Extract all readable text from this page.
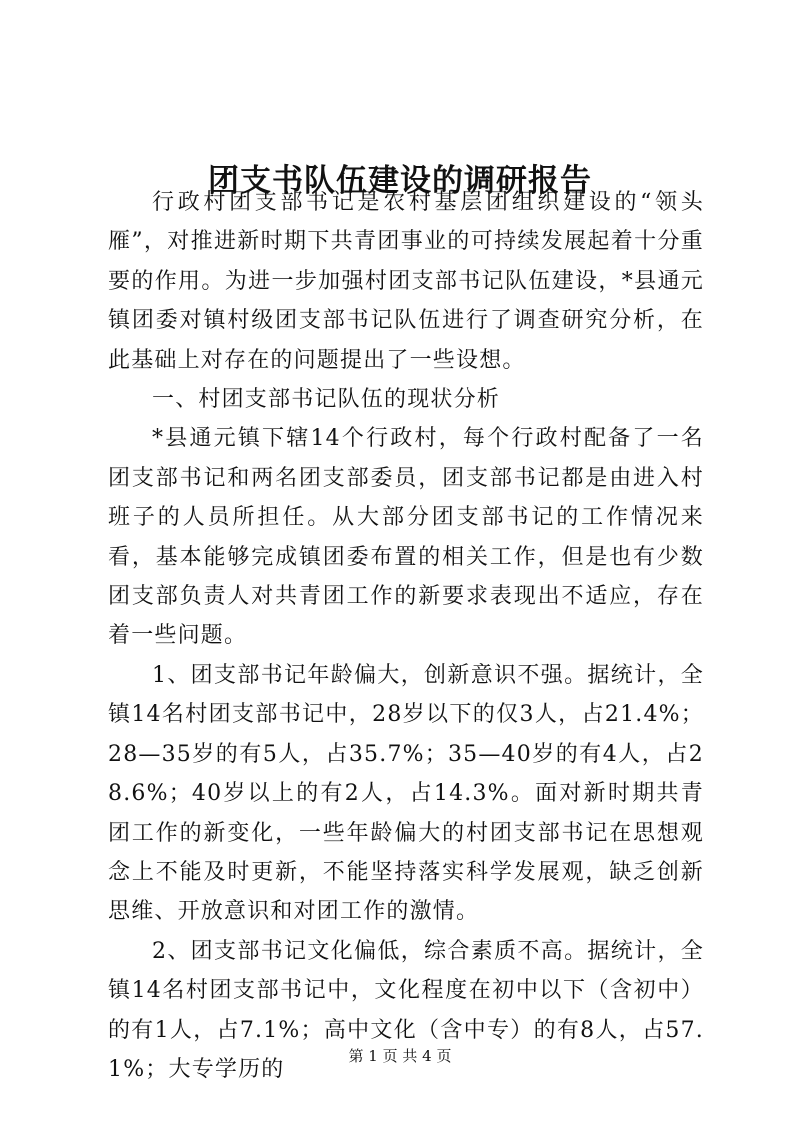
团支书队伍建设的调研报告

行政村团支部书记是农村基层团组织建设的“领头雁”，对推进新时期下共青团事业的可持续发展起着十分重要的作用。为进一步加强村团支部书记队伍建设，*县通元镇团委对镇村级团支部书记队伍进行了调查研究分析，在此基础上对存在的问题提出了一些设想。

一、村团支部书记队伍的现状分析

*县通元镇下辖14个行政村，每个行政村配备了一名团支部书记和两名团支部委员，团支部书记都是由进入村班子的人员所担任。从大部分团支部书记的工作情况来看，基本能够完成镇团委布置的相关工作，但是也有少数团支部负责人对共青团工作的新要求表现出不适应，存在着一些问题。

1、团支部书记年龄偏大，创新意识不强。据统计，全镇14名村团支部书记中，28岁以下的仅3人，占21.4%；28—35岁的有5人，占35.7%；35—40岁的有4人，占28.6%；40岁以上的有2人，占14.3%。面对新时期共青团工作的新变化，一些年龄偏大的村团支部书记在思想观念上不能及时更新，不能坚持落实科学发展观，缺乏创新思维、开放意识和对团工作的激情。

2、团支部书记文化偏低，综合素质不高。据统计，全镇14名村团支部书记中，文化程度在初中以下（含初中）的有1人，占7.1%；高中文化（含中专）的有8人，占57.1%；大专学历的

第 1 页 共 4 页
